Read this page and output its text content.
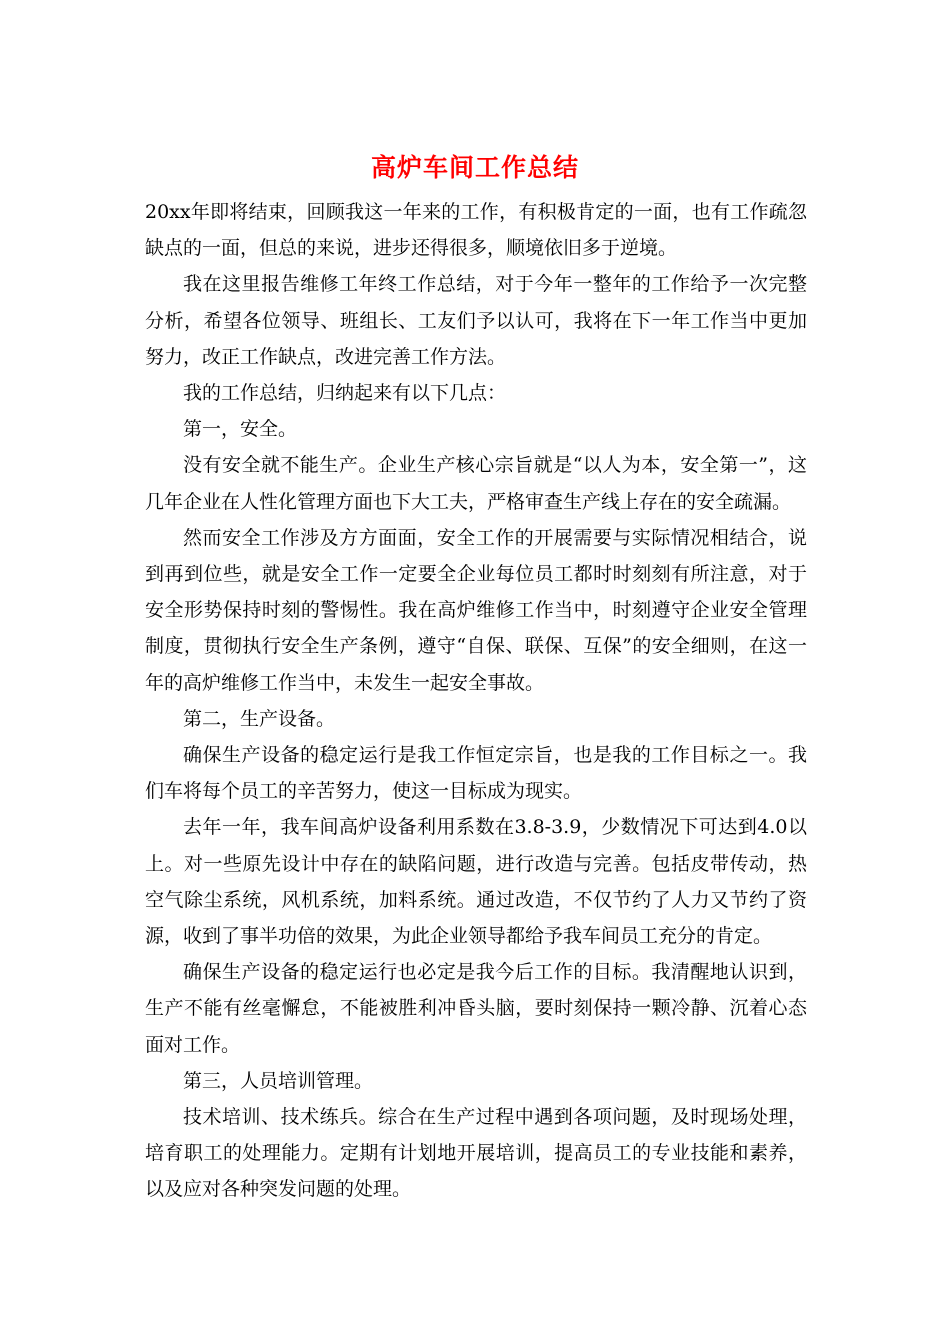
高炉车间工作总结

20xx年即将结束，回顾我这一年来的工作，有积极肯定的一面，也有工作疏忽缺点的一面，但总的来说，进步还得很多，顺境依旧多于逆境。

我在这里报告维修工年终工作总结，对于今年一整年的工作给予一次完整分析，希望各位领导、班组长、工友们予以认可，我将在下一年工作当中更加努力，改正工作缺点，改进完善工作方法。

我的工作总结，归纳起来有以下几点：

第一，安全。

没有安全就不能生产。企业生产核心宗旨就是“以人为本，安全第一”，这几年企业在人性化管理方面也下大工夫，严格审查生产线上存在的安全疏漏。

然而安全工作涉及方方面面，安全工作的开展需要与实际情况相结合，说到再到位些，就是安全工作一定要全企业每位员工都时时刻刻有所注意，对于安全形势保持时刻的警惕性。我在高炉维修工作当中，时刻遵守企业安全管理制度，贯彻执行安全生产条例，遵守“自保、联保、互保”的安全细则，在这一年的高炉维修工作当中，未发生一起安全事故。

第二，生产设备。

确保生产设备的稳定运行是我工作恒定宗旨，也是我的工作目标之一。我们车将每个员工的辛苦努力，使这一目标成为现实。

去年一年，我车间高炉设备利用系数在3.8-3.9，少数情况下可达到4.0以上。对一些原先设计中存在的缺陷问题，进行改造与完善。包括皮带传动，热空气除尘系统，风机系统，加料系统。通过改造，不仅节约了人力又节约了资源，收到了事半功倍的效果，为此企业领导都给予我车间员工充分的肯定。

确保生产设备的稳定运行也必定是我今后工作的目标。我清醒地认识到，生产不能有丝毫懈怠，不能被胜利冲昏头脑，要时刻保持一颗冷静、沉着心态面对工作。

第三，人员培训管理。

技术培训、技术练兵。综合在生产过程中遇到各项问题，及时现场处理，培育职工的处理能力。定期有计划地开展培训，提高员工的专业技能和素养，以及应对各种突发问题的处理。
